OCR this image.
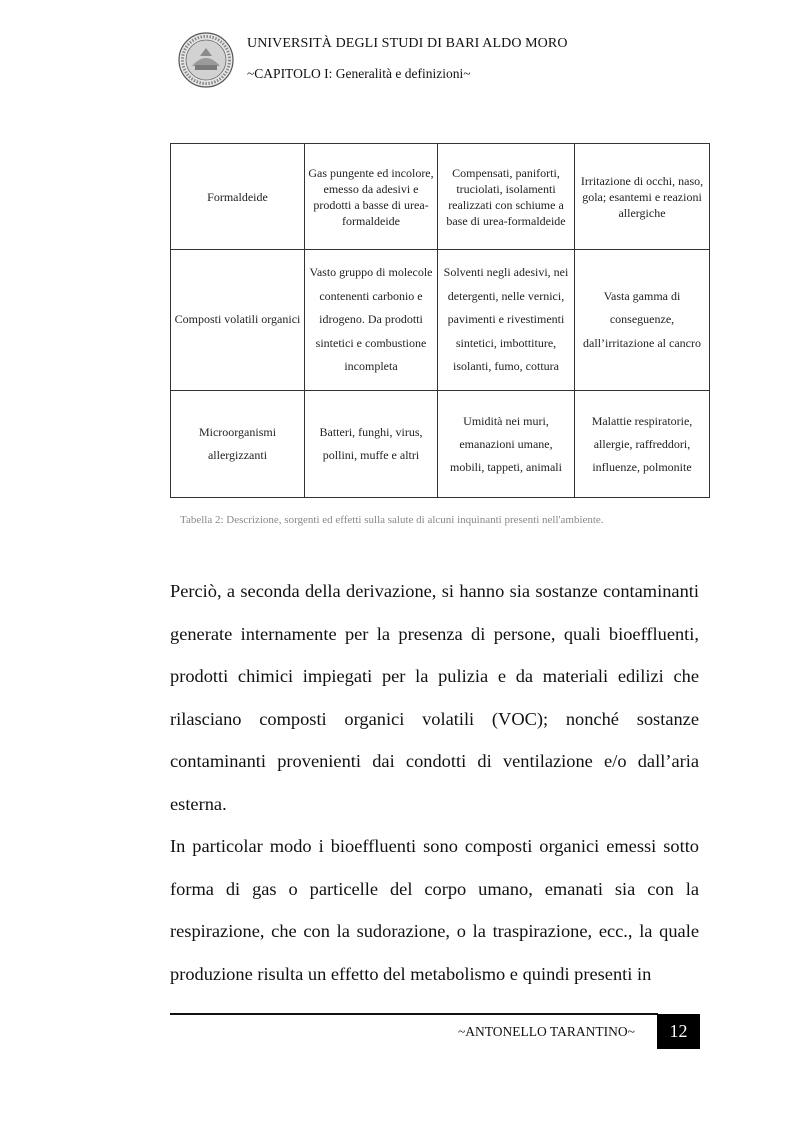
UNIVERSITÀ DEGLI STUDI DI BARI ALDO MORO
~CAPITOLO I: Generalità e definizioni~
Formaldeide	Gas pungente ed incolore, emesso da adesivi e prodotti a basse di urea-formaldeide	Compensati, paniforti, truciolati, isolamenti realizzati con schiume a base di urea-formaldeide	Irritazione di occhi, naso, gola; esantemi e reazioni allergiche
Composti volatili organici	Vasto gruppo di molecole contenenti carbonio e idrogeno. Da prodotti sintetici e combustione incompleta	Solventi negli adesivi, nei detergenti, nelle vernici, pavimenti e rivestimenti sintetici, imbottiture, isolanti, fumo, cottura	Vasta gamma di conseguenze, dall’irritazione al cancro
Microorganismi allergizzanti	Batteri, funghi, virus, pollini, muffe e altri	Umidità nei muri, emanazioni umane, mobili, tappeti, animali	Malattie respiratorie, allergie, raffreddori, influenze, polmonite
Tabella 2: Descrizione, sorgenti ed effetti sulla salute di alcuni inquinanti presenti nell'ambiente.

Perciò, a seconda della derivazione, si hanno sia sostanze contaminanti generate internamente per la presenza di persone, quali bioeffluenti, prodotti chimici impiegati per la pulizia e da materiali edilizi che rilasciano composti organici volatili (VOC); nonché sostanze contaminanti provenienti dai condotti di ventilazione e/o dall’aria esterna.

In particolar modo i bioeffluenti sono composti organici emessi sotto forma di gas o particelle del corpo umano, emanati sia con la respirazione, che con la sudorazione, o la traspirazione, ecc., la quale produzione risulta un effetto del metabolismo e quindi presenti in

~ANTONELLO TARANTINO~	12
